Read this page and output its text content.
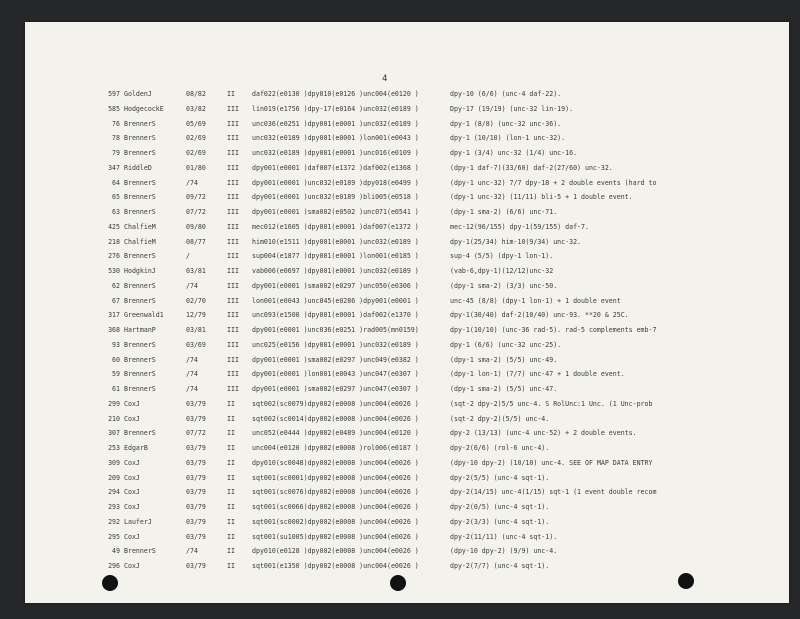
4
597 GoldenJ	08/82	II	daf022(e0130 )dpy010(e0126 )unc004(e0120 )	dpy-10 (6/6) (unc-4 daf-22).
585 HodgecockE	03/82	III lin019(e1756 )dpy-17(e0164 )unc032(e0189 )	Dpy-17 (19/19) (unc-32 lin-19).
76 BrennerS	05/69	III unc036(e0251 )dpy001(e0001 )unc032(e0189 )	dpy-1 (8/8) (unc-32 unc-36).
78 BrennerS	02/69	III unc032(e0189 )dpy001(e0001 )lon001(e0043 )	dpy-1 (10/10) (lon-1 unc-32).
79 BrennerS	02/69	III unc032(e0189 )dpy001(e0001 )unc016(e0109 )	dpy-1 (3/4) unc-32 (1/4) unc-16.
347 RiddleD	01/80	III dpy001(e0001 )daf007(e1372 )daf002(e1368 )	(dpy-1 daf-7)(33/60) daf-2(27/60) unc-32.
64 BrennerS	/74	III dpy001(e0001 )unc032(e0189 )dpy018(e0499 )	(dpy-1 unc-32) 7/7 dpy-18 + 2 double events (hard to
65 BrennerS	09/72	III dpy001(e0001 )unc032(e0189 )bli005(e0518 )	(dpy-1 unc-32) (11/11) bli-5 + 1 double event.
63 BrennerS	07/72	III dpy001(e0001 )sma002(e0502 )unc071(e0541 )	(dpy-1 sma-2) (6/6) unc-71.
425 ChalfieM	09/80	III mec012(e1605 )dpy001(e0001 )daf007(e1372 )	mec-12(96/155) dpy-1(59/155) daf-7.
218 ChalfieM	08/77	III him010(e1511 )dpy001(e0001 )unc032(e0189 )	dpy-1(25/34) him-10(9/34) unc-32.
276 BrennerS	/	III sup004(e1877 )dpy001(e0001 )lon001(e0185 )	sup-4 (5/5) (dpy-1 lon-1).
530 HodgkinJ	03/81	III vab006(e0697 )dpy001(e0001 )unc032(e0189 )	(vab-6,dpy-1)(12/12)unc-32
62 BrennerS	/74	III dpy001(e0001 )sma002(e0297 )unc050(e0306 )	(dpy-1 sma-2) (3/3) unc-50.
67 BrennerS	02/70	III lon001(e0043 )unc045(e0286 )dpy001(e0001 )	unc-45 (8/8) (dpy-1 lon-1) + 1 double event
317 Greenwald1	12/79	III unc093(e1500 )dpy001(e0001 )daf002(e1370 )	dpy-1(30/40) daf-2(10/40) unc-93. **20 & 25C.
368 HartmanP	03/81	III dpy001(e0001 )unc036(e0251 )rad005(mn0159)	dpy-1(10/10) (unc-36 rad-5). rad-5 complements emb-7
93 BrennerS	03/69	III unc025(e0156 )dpy001(e0001 )unc032(e0189 )	dpy-1 (6/6) (unc-32 unc-25).
60 BrennerS	/74	III dpy001(e0001 )sma002(e0297 )unc049(e0382 )	(dpy-1 sma-2) (5/5) unc-49.
59 BrennerS	/74	III dpy001(e0001 )lon001(e0043 )unc047(e0307 )	(dpy-1 lon-1) (7/7) unc-47 + 1 double event.
61 BrennerS	/74	III dpy001(e0001 )sma002(e0297 )unc047(e0307 )	(dpy-1 sma-2) (5/5) unc-47.
299 CoxJ	03/79	II	sqt002(sc0079)dpy002(e0008 )unc004(e0026 )	(sqt-2 dpy-2)5/5 unc-4. S RolUnc:1 Unc. (1 Unc-prob
210 CoxJ	03/79	II	sqt002(sc0014)dpy002(e0008 )unc004(e0026 )	(sqt-2 dpy-2)(5/5) unc-4.
307 BrennerS	07/72	II	unc052(e0444 )dpy002(e0489 )unc004(e0120 )	dpy-2 (13/13) (unc-4 unc-52) + 2 double events.
253 EdgarB	03/79	II	unc004(e0120 )dpy002(e0008 )rol006(e0187 )	dpy-2(6/6) (rol-6 unc-4).
309 CoxJ	03/79	II	dpy010(sc0048)dpy002(e0008 )unc004(e0026 )	(dpy-10 dpy-2) (10/10) unc-4. SEE OF MAP DATA ENTRY
209 CoxJ	03/79	II	sqt001(sc0001)dpy002(e0008 )unc004(e0026 )	dpy-2(5/5) (unc-4 sqt-1).
294 CoxJ	03/79	II	sqt001(sc0076)dpy002(e0008 )unc004(e0026 )	dpy-2(14/15) unc-4(1/15) sqt-1 (1 event double recom
293 CoxJ	03/79	II	sqt001(sc0066)dpy002(e0008 )unc004(e0026 )	dpy-2(0/5) (unc-4 sqt-1).
292 LauferJ	03/79	II	sqt001(sc0002)dpy002(e0008 )unc004(e0026 )	dpy-2(3/3) (unc-4 sqt-1).
295 CoxJ	03/79	II	sqt001(su1005)dpy002(e0008 )unc004(e0026 )	dpy-2(11/11) (unc-4 sqt-1).
49 BrennerS	/74	II	dpy010(e0128 )dpy002(e0008 )unc004(e0026 )	(dpy-10 dpy-2) (9/9) unc-4.
296 CoxJ	03/79	II	sqt001(e1350 )dpy002(e0008 )unc004(e0026 )	dpy-2(7/7) (unc-4 sqt-1).
